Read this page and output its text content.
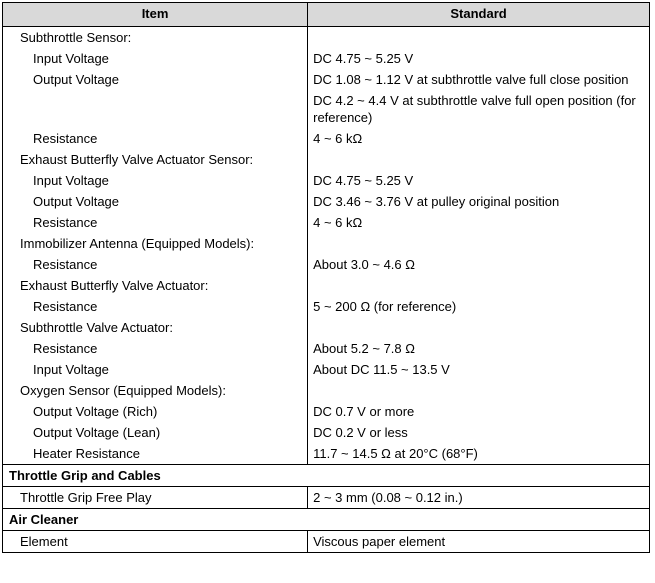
Item	Standard
Subthrottle Sensor:	
Input Voltage	DC 4.75 ~ 5.25 V
Output Voltage	DC 1.08 ~ 1.12 V at subthrottle valve full close position
	DC 4.2 ~ 4.4 V at subthrottle valve full open position (for reference)
Resistance	4 ~ 6 kΩ
Exhaust Butterfly Valve Actuator Sensor:	
Input Voltage	DC 4.75 ~ 5.25 V
Output Voltage	DC 3.46 ~ 3.76 V at pulley original position
Resistance	4 ~ 6 kΩ
Immobilizer Antenna (Equipped Models):	
Resistance	About 3.0 ~ 4.6 Ω
Exhaust Butterfly Valve Actuator:	
Resistance	5 ~ 200 Ω (for reference)
Subthrottle Valve Actuator:	
Resistance	About 5.2 ~ 7.8 Ω
Input Voltage	About DC 11.5 ~ 13.5 V
Oxygen Sensor (Equipped Models):	
Output Voltage (Rich)	DC 0.7 V or more
Output Voltage (Lean)	DC 0.2 V or less
Heater Resistance	11.7 ~ 14.5 Ω at 20°C (68°F)
Throttle Grip and Cables	
Throttle Grip Free Play	2 ~ 3 mm (0.08 ~ 0.12 in.)
Air Cleaner	
Element	Viscous paper element
